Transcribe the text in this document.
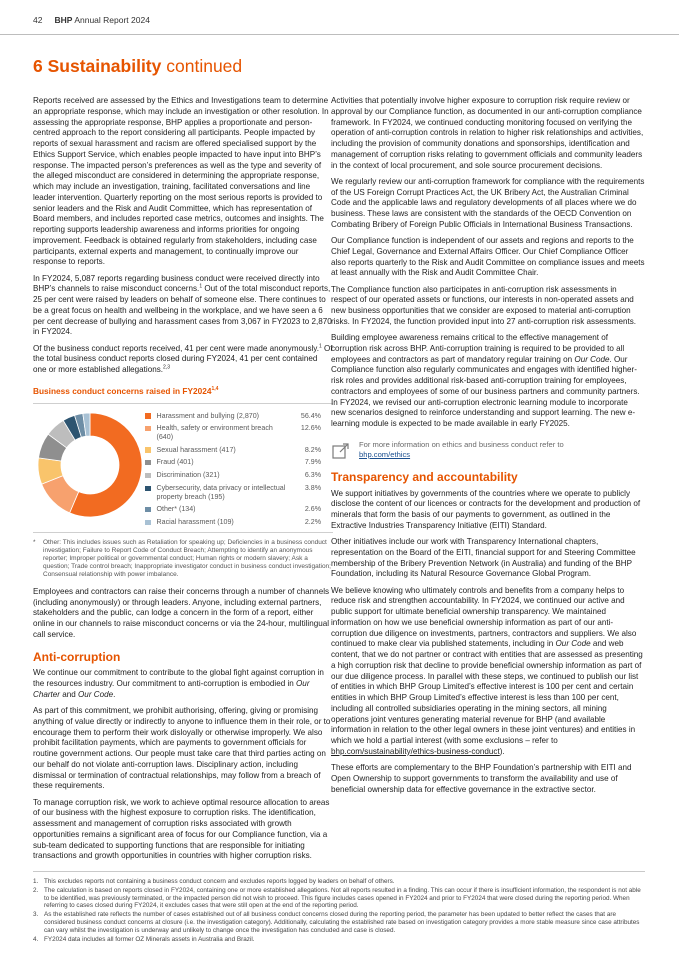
42 BHP Annual Report 2024
6 Sustainability continued

Reports received are assessed by the Ethics and Investigations team to determine an appropriate response, which may include an investigation or other resolution. In assessing the appropriate response, BHP applies a proportionate and person-centred approach to the report considering all participants. People impacted by reports of sexual harassment and racism are offered specialised support by the Ethics Support Service, which enables people impacted to have input into BHP’s response. The impacted person’s preferences as well as the type and severity of the alleged misconduct are considered in determining the appropriate response, which may include an investigation, training, facilitated conversations and line leader intervention. Quarterly reporting on the most serious reports is provided to senior leaders and the Risk and Audit Committee, which has representation of Board members, and includes reported case metrics, outcomes and insights. The reporting supports leadership awareness and informs priorities for ongoing improvement. Feedback is obtained regularly from stakeholders, including case participants, external experts and management, to continually improve our response to reports.

In FY2024, 5,087 reports regarding business conduct were received directly into BHP’s channels to raise misconduct concerns.$^1$ Out of the total misconduct reports, 25 per cent were raised by leaders on behalf of someone else. There continues to be a great focus on health and wellbeing in the workplace, and we have seen a 6 per cent decrease of bullying and harassment cases from 3,067 in FY2023 to 2,870 in FY2024.

Of the business conduct reports received, 41 per cent were made anonymously.$^1$ Of the total business conduct reports closed during FY2024, 41 per cent contained one or more established allegations.$^{2,3}$

Business conduct concerns raised in FY2024$^{1,4}$
Harassment and bullying (2,870)	56.4%
Health, safety or environment breach (640)
12.6%
Sexual harassment (417)	8.2%
Fraud (401)	7.9%
Discrimination (321)	6.3%
Cybersecurity, data privacy or intellectual property breach (195)
3.8%
Other* (134)	2.6%
Racial harassment (109)	2.2%
*	Other: This includes issues such as Retaliation for speaking up; Deficiencies in a business conduct investigation; Failure to Report Code of Conduct Breach; Attempting to identify an anonymous reporter; Improper political or governmental conduct; Human rights or modern slavery; Ask a question; Trade control breach; Inappropriate investigator conduct in business conduct investigation; Consensual relationship with power imbalance.

Employees and contractors can raise their concerns through a number of channels (including anonymously) or through leaders. Anyone, including external partners, stakeholders and the public, can lodge a concern in the form of a report, either online in our channels to raise misconduct concerns or via the 24-hour, multilingual call service.

Anti-corruption

We continue our commitment to contribute to the global fight against corruption in the resources industry. Our commitment to anti-corruption is embodied in Our Charter and Our Code.

As part of this commitment, we prohibit authorising, offering, giving or promising anything of value directly or indirectly to anyone to influence them in their role, or to encourage them to perform their work disloyally or otherwise improperly. We also prohibit facilitation payments, which are payments to government officials for routine government actions. Our people must take care that third parties acting on our behalf do not violate anti-corruption laws. Disciplinary action, including dismissal or termination of contractual relationships, may follow from a breach of these requirements.

To manage corruption risk, we work to achieve optimal resource allocation to areas of our business with the highest exposure to corruption risks. The identification, assessment and management of corruption risks associated with growth opportunities remains a significant area of focus for our Compliance function, via a sub-team dedicated to supporting functions that are responsible for initiating transactions and growth opportunities in countries with higher corruption risks.

Activities that potentially involve higher exposure to corruption risk require review or approval by our Compliance function, as documented in our anti-corruption compliance framework. In FY2024, we continued conducting monitoring focused on verifying the operation of anti-corruption controls in relation to higher risk relationships and activities, including the provision of community donations and sponsorships, identification and management of corruption risks relating to government officials and community leaders in the context of local procurement, and sole source procurement decisions.

We regularly review our anti-corruption framework for compliance with the requirements of the US Foreign Corrupt Practices Act, the UK Bribery Act, the Australian Criminal Code and the applicable laws and regulatory developments of all places where we do business. These laws are consistent with the standards of the OECD Convention on Combating Bribery of Foreign Public Officials in International Business Transactions.

Our Compliance function is independent of our assets and regions and reports to the Chief Legal, Governance and External Affairs Officer. Our Chief Compliance Officer also reports quarterly to the Risk and Audit Committee on compliance issues and meets at least annually with the Risk and Audit Committee Chair.

The Compliance function also participates in anti-corruption risk assessments in respect of our operated assets or functions, our interests in non-operated assets and new business opportunities that we consider are exposed to material anti-corruption risks. In FY2024, the function provided input into 27 anti-corruption risk assessments.

Building employee awareness remains critical to the effective management of corruption risk across BHP. Anti-corruption training is required to be provided to all employees and contractors as part of mandatory regular training on Our Code. Our Compliance function also regularly communicates and engages with identified higher-risk roles and provides additional risk-based anti-corruption training for employees, contractors and employees of some of our business partners and community partners. In FY2024, we revised our anti-corruption electronic learning module to incorporate new scenarios designed to reinforce understanding and support learning. The new e-learning module is expected to be made available in early FY2025.

For more information on ethics and business conduct refer to
bhp.com/ethics
Transparency and accountability

We support initiatives by governments of the countries where we operate to publicly disclose the content of our licences or contracts for the development and production of minerals that form the basis of our payments to government, as outlined in the Extractive Industries Transparency Initiative (EITI) Standard.

Other initiatives include our work with Transparency International chapters, representation on the Board of the EITI, financial support for and Steering Committee membership of the Bribery Prevention Network (in Australia) and funding of the BHP Foundation, including its Natural Resource Governance Global Program.

We believe knowing who ultimately controls and benefits from a company helps to reduce risk and strengthen accountability. In FY2024, we continued our active and public support for ultimate beneficial ownership transparency. We maintained information on how we use beneficial ownership information as part of our anti-corruption due diligence on investments, partners, contractors and suppliers. We also continued to make clear via published statements, including in Our Code and web content, that we do not partner or contract with entities that are assessed as presenting a high corruption risk that decline to provide beneficial ownership information as part of our due diligence process. In parallel with these steps, we continued to publish our list of entities in which BHP Group Limited’s effective interest is 100 per cent and certain entities in which BHP Group Limited’s effective interest is less than 100 per cent, including all controlled subsidiaries operating in the mining sectors, all mining operations joint ventures generating material revenue for BHP (and available information in relation to the other legal owners in these joint ventures) and entities in which we hold a partial interest (with some exclusions – refer to bhp.com/sustainability/ethics-business-conduct).

These efforts are complementary to the BHP Foundation’s partnership with EITI and Open Ownership to support governments to transform the availability and use of beneficial ownership data for effective governance in the extractive sector.

1. This excludes reports not containing a business conduct concern and excludes reports logged by leaders on behalf of others.
2. The calculation is based on reports closed in FY2024, containing one or more established allegations. Not all reports resulted in a finding. This can occur if there is insufficient information, the respondent is not able to be identified, was previously terminated, or the impacted person did not wish to proceed. This figure includes cases opened in FY2024 and prior to FY2024 that were closed during the reporting period. When referring to cases closed during FY2024, it excludes cases that were still open at the end of the reporting period.
3. As the established rate reflects the number of cases established out of all business conduct concerns closed during the reporting period, the parameter has been updated to better reflect the cases that are considered business conduct concerns at closure (i.e. the investigation category). Additionally, calculating the established rate based on investigation category provides a more stable measure since case attributes can vary whilst the investigation is underway and unlikely to change once the investigation has concluded and case is closed.
4. FY2024 data includes all former OZ Minerals assets in Australia and Brazil.
